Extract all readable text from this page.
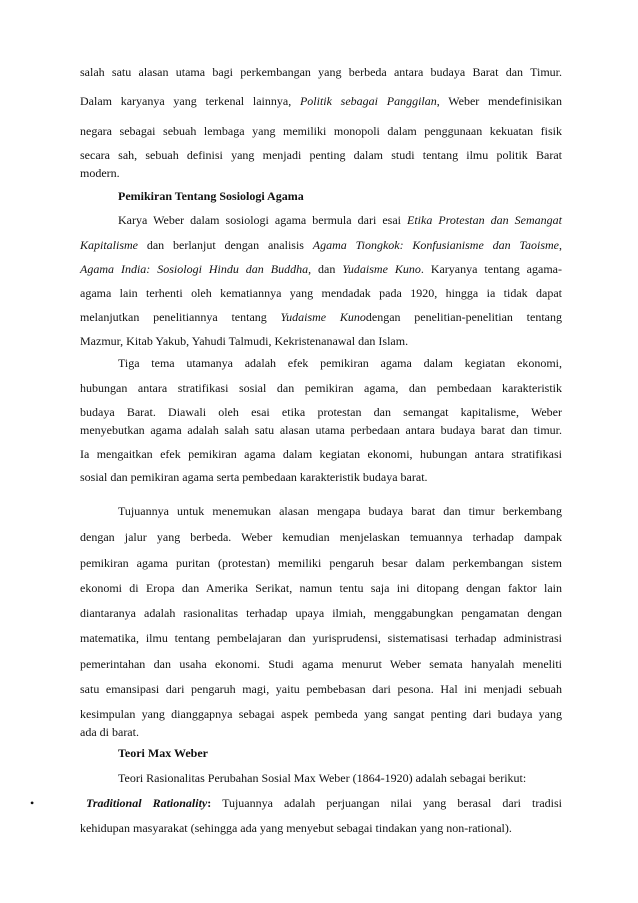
salah satu alasan utama bagi perkembangan yang berbeda antara budaya Barat dan Timur.
Dalam karyanya yang terkenal lainnya, Politik sebagai Panggilan, Weber mendefinisikan
negara sebagai sebuah lembaga yang memiliki monopoli dalam penggunaan kekuatan fisik
secara sah, sebuah definisi yang menjadi penting dalam studi tentang ilmu politik Barat
modern.
Pemikiran Tentang Sosiologi Agama
Karya Weber dalam sosiologi agama bermula dari esai Etika Protestan dan Semangat
Kapitalisme dan berlanjut dengan analisis Agama Tiongkok: Konfusianisme dan Taoisme,
Agama India: Sosiologi Hindu dan Buddha, dan Yudaisme Kuno. Karyanya tentang agama-
agama lain terhenti oleh kematiannya yang mendadak pada 1920, hingga ia tidak dapat
melanjutkan penelitiannya tentang Yudaisme Kunodengan penelitian-penelitian tentang
Mazmur, Kitab Yakub, Yahudi Talmudi, Kekristenanawal dan Islam.
Tiga tema utamanya adalah efek pemikiran agama dalam kegiatan ekonomi,
hubungan antara stratifikasi sosial dan pemikiran agama, dan pembedaan karakteristik
budaya Barat. Diawali oleh esai etika protestan dan semangat kapitalisme, Weber
menyebutkan agama adalah salah satu alasan utama perbedaan antara budaya barat dan timur.
Ia mengaitkan efek pemikiran agama dalam kegiatan ekonomi, hubungan antara stratifikasi
sosial dan pemikiran agama serta pembedaan karakteristik budaya barat.
Tujuannya untuk menemukan alasan mengapa budaya barat dan timur berkembang
dengan jalur yang berbeda. Weber kemudian menjelaskan temuannya terhadap dampak
pemikiran agama puritan (protestan) memiliki pengaruh besar dalam perkembangan sistem
ekonomi di Eropa dan Amerika Serikat, namun tentu saja ini ditopang dengan faktor lain
diantaranya adalah rasionalitas terhadap upaya ilmiah, menggabungkan pengamatan dengan
matematika, ilmu tentang pembelajaran dan yurisprudensi, sistematisasi terhadap administrasi
pemerintahan dan usaha ekonomi. Studi agama menurut Weber semata hanyalah meneliti
satu emansipasi dari pengaruh magi, yaitu pembebasan dari pesona. Hal ini menjadi sebuah
kesimpulan yang dianggapnya sebagai aspek pembeda yang sangat penting dari budaya yang
ada di barat.
Teori Max Weber
Teori Rasionalitas Perubahan Sosial Max Weber (1864-1920) adalah sebagai berikut:
•	Traditional Rationality: Tujuannya adalah perjuangan nilai yang berasal dari tradisi
kehidupan masyarakat (sehingga ada yang menyebut sebagai tindakan yang non-rational).
